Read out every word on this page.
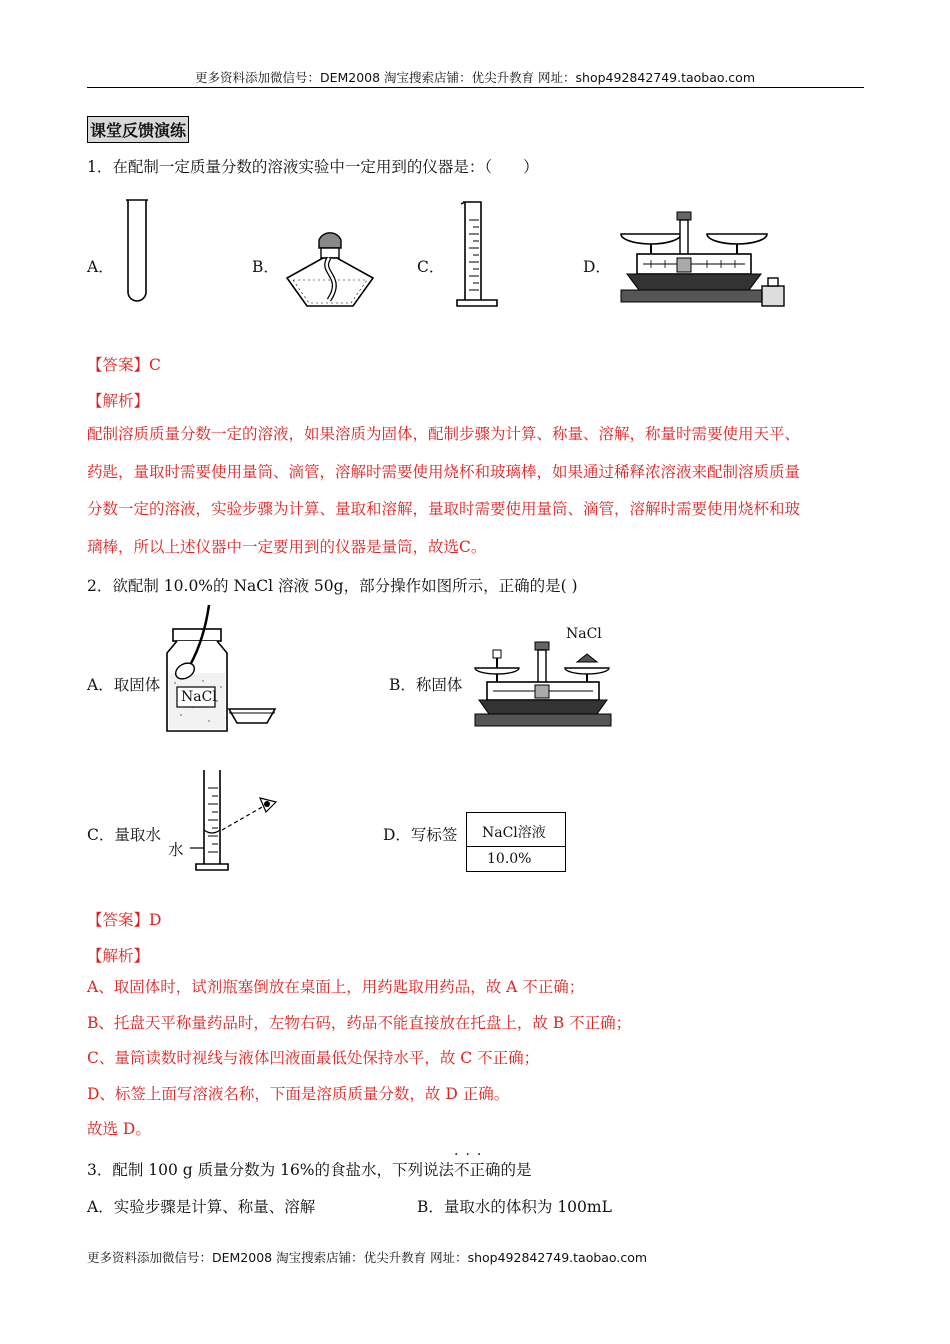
更多资料添加微信号：DEM2008 淘宝搜索店铺：优尖升教育 网址：shop492842749.taobao.com
课堂反馈演练
1．在配制一定质量分数的溶液实验中一定用到的仪器是：（　　）
A．	B．	C．	D．
【答案】C
【解析】
配制溶质质量分数一定的溶液，如果溶质为固体，配制步骤为计算、称量、溶解，称量时需要使用天平、
药匙，量取时需要使用量筒、滴管，溶解时需要使用烧杯和玻璃棒，如果通过稀释浓溶液来配制溶质质量
分数一定的溶液，实验步骤为计算、量取和溶解，量取时需要使用量筒、滴管，溶解时需要使用烧杯和玻
璃棒，所以上述仪器中一定要用到的仪器是量筒，故选C。
2．欲配制 10.0%的 NaCl 溶液 50g，部分操作如图所示，正确的是( )
A．取固体
NaCl
B．称固体
NaCl
C．量取水
水
D．写标签 NaCl溶液
10.0%
【答案】D
【解析】
A、取固体时，试剂瓶塞倒放在桌面上，用药匙取用药品，故 A 不正确；
B、托盘天平称量药品时，左物右码，药品不能直接放在托盘上，故 B 不正确；
C、量筒读数时视线与液体凹液面最低处保持水平，故 C 不正确；
D、标签上面写溶液名称，下面是溶质质量分数，故 D 正确。
故选 D。
3．配制 100 g 质量分数为 16%的食盐水，下列说法
···
不正确的是
A．实验步骤是计算、称量、溶解	B．量取水的体积为 100mL
更多资料添加微信号：DEM2008 淘宝搜索店铺：优尖升教育 网址：shop492842749.taobao.com
